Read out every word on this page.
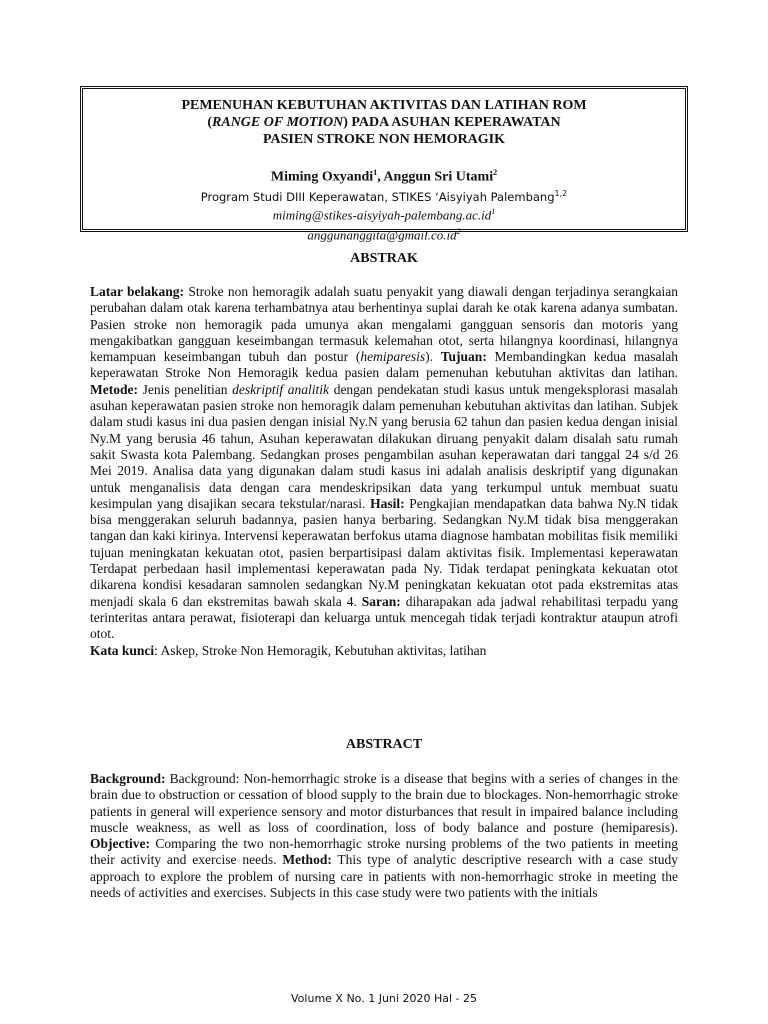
PEMENUHAN KEBUTUHAN AKTIVITAS DAN LATIHAN ROM
(RANGE OF MOTION) PADA ASUHAN KEPERAWATAN
PASIEN STROKE NON HEMORAGIK
Miming Oxyandi$^1$, Anggun Sri Utami$^2$
Program Studi DIII Keperawatan, STIKES ‘Aisyiyah Palembang$^{1,2}$
$miming@stikes-aisyiyah-palembang.ac.id^1$
$anggunanggita@gmail.co.id^2$
ABSTRAK

Latar belakang: Stroke non hemoragik adalah suatu penyakit yang diawali dengan terjadinya serangkaian perubahan dalam otak karena terhambatnya atau berhentinya suplai darah ke otak karena adanya sumbatan. Pasien stroke non hemoragik pada umunya akan mengalami gangguan sensoris dan motoris yang mengakibatkan gangguan keseimbangan termasuk kelemahan otot, serta hilangnya koordinasi, hilangnya kemampuan keseimbangan tubuh dan postur (hemiparesis). Tujuan: Membandingkan kedua masalah keperawatan Stroke Non Hemoragik kedua pasien dalam pemenuhan kebutuhan aktivitas dan latihan. Metode: Jenis penelitian deskriptif analitik dengan pendekatan studi kasus untuk mengeksplorasi masalah asuhan keperawatan pasien stroke non hemoragik dalam pemenuhan kebutuhan aktivitas dan latihan. Subjek dalam studi kasus ini dua pasien dengan inisial Ny.N yang berusia 62 tahun dan pasien kedua dengan inisial Ny.M yang berusia 46 tahun, Asuhan keperawatan dilakukan diruang penyakit dalam disalah satu rumah sakit Swasta kota Palembang. Sedangkan proses pengambilan asuhan keperawatan dari tanggal 24 s/d 26 Mei 2019. Analisa data yang digunakan dalam studi kasus ini adalah analisis deskriptif yang digunakan untuk menganalisis data dengan cara mendeskripsikan data yang terkumpul untuk membuat suatu kesimpulan yang disajikan secara tekstular/narasi. Hasil: Pengkajian mendapatkan data bahwa Ny.N tidak bisa menggerakan seluruh badannya, pasien hanya berbaring. Sedangkan Ny.M tidak bisa menggerakan tangan dan kaki kirinya. Intervensi keperawatan berfokus utama diagnose hambatan mobilitas fisik memiliki tujuan meningkatan kekuatan otot, pasien berpartisipasi dalam aktivitas fisik. Implementasi keperawatan Terdapat perbedaan hasil implementasi keperawatan pada Ny. Tidak terdapat peningkata kekuatan otot dikarena kondisi kesadaran samnolen sedangkan Ny.M peningkatan kekuatan otot pada ekstremitas atas menjadi skala 6 dan ekstremitas bawah skala 4. Saran: diharapakan ada jadwal rehabilitasi terpadu yang terinteritas antara perawat, fisioterapi dan keluarga untuk mencegah tidak terjadi kontraktur ataupun atrofi otot.
Kata kunci: Askep, Stroke Non Hemoragik, Kebutuhan aktivitas, latihan

ABSTRACT

Background: Background: Non-hemorrhagic stroke is a disease that begins with a series of changes in the brain due to obstruction or cessation of blood supply to the brain due to blockages. Non-hemorrhagic stroke patients in general will experience sensory and motor disturbances that result in impaired balance including muscle weakness, as well as loss of coordination, loss of body balance and posture (hemiparesis). Objective: Comparing the two non-hemorrhagic stroke nursing problems of the two patients in meeting their activity and exercise needs. Method: This type of analytic descriptive research with a case study approach to explore the problem of nursing care in patients with non-hemorrhagic stroke in meeting the needs of activities and exercises. Subjects in this case study were two patients with the initials

Volume X No. 1 Juni 2020 Hal - 25
